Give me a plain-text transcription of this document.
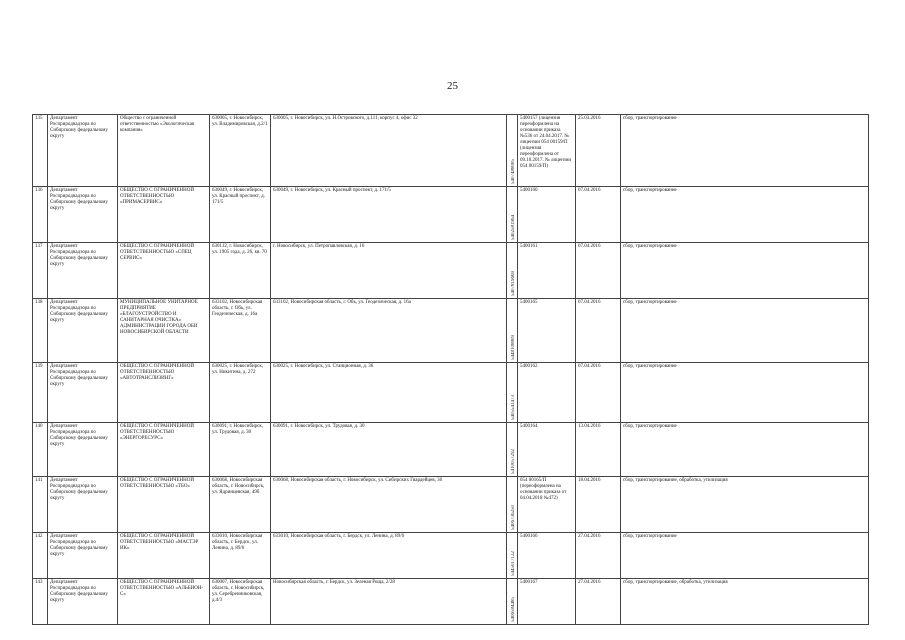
25
135	Департамент Росприроднадзора по Сибирскому федеральному округу	Общество с ограниченной ответственностью «Экологическая компания»	630005, г. Новосибирск, ул. Владимировская, д.2/1	630005, г. Новосибирск, ул. Н.Островского, д.111, корпус 4, офис 32	5407488085	5400157 (лицензия переоформлена на основании приказа №536 от 24.04.2017. № лицензии 054 00159/П (лицензия переоформлена от 09.10.2017. № лицензии 054 00159/П)	25.03.2016	сбор, транспортирование
136	Департамент Росприроднадзора по Сибирскому федеральному округу	ОБЩЕСТВО С ОГРАНИЧЕННОЙ ОТВЕТСТВЕННОСТЬЮ «ПРИМАСЕРВИС»	630049, г. Новосибирск, ул. Красный проспект, д. 171/5	630049, г. Новосибирск, ул. Красный проспект, д. 171/5	5402581964	5400160	07.04.2016	сбор, транспортирование
137	Департамент Росприроднадзора по Сибирскому федеральному округу	ОБЩЕСТВО С ОГРАНИЧЕННОЙ ОТВЕТСТВЕННОСТЬЮ «СПЕЦ СЕРВИС»	630112, г. Новосибирск, ул. 1905 года, д. 26, кв. 70	г. Новосибирск, ул. Петропавловская, д. 16	5407819669	5400161	07.04.2016	сбор, транспортирование
138	Департамент Росприроднадзора по Сибирскому федеральному округу	МУНИЦИПАЛЬНОЕ УНИТАРНОЕ ПРЕДПРИЯТИЕ «БЛАГОУСТРОЙСТВО И САНИТАРНАЯ ОЧИСТКА» АДМИНИСТРАЦИИ ГОРОДА ОБИ НОВОСИБИРСКОЙ ОБЛАСТИ	633102, Новосибирская область, г. Обь, ул. Геодезическая, д. 16а	633102, Новосибирская область, г. Обь, ул. Геодезическая, д. 16а	5448108809	5400165	07.04.2016	сбор, транспортирование
139	Департамент Росприроднадзора по Сибирскому федеральному округу	ОБЩЕСТВО С ОГРАНИЧЕННОЙ ОТВЕТСТВЕННОСТЬЮ «АВТОТРАНСЛИЗИНГ»	630025, г. Новосибирск, ул. Никитина, д. 272	630025, г. Новосибирск, ул. Станционная, д. 36	5405541473	5400162	07.04.2016	сбор, транспортирование
140	Департамент Росприроднадзора по Сибирскому федеральному округу	ОБЩЕСТВО С ОГРАНИЧЕННОЙ ОТВЕТСТВЕННОСТЬЮ «ЭНЕРГОРЕСУРС»	630091, г. Новосибирск, ул. Трудовая, д. 30	630091, г. Новосибирск, ул. Трудовая, д. 30	5410057292	5400164	13.04.2016	сбор, транспортирование
141	Департамент Росприроднадзора по Сибирскому федеральному округу	ОБЩЕСТВО С ОГРАНИЧЕННОЙ ОТВЕТСТВЕННОСТЬЮ «ТБО»	630068, Новосибирская область, г. Новосибирск, ул. Ядринцевская, 49б	630068, Новосибирская область, г. Новосибирск, ул. Сибирских Гвардейцев, 36	5406736250	054 00165/П (переоформлена на основании приказа от 04.04.2018 №472)	18.04.2016	сбор, транспортирование, обработка, утилизация
142	Департамент Росприроднадзора по Сибирскому федеральному округу	ОБЩЕСТВО С ОГРАНИЧЕННОЙ ОТВЕТСТВЕННОСТЬЮ «МАСТЭР ИК»	633010, Новосибирская область, г. Бердск, ул. Ленина, д. 89/6	633010, Новосибирская область, г. Бердск, ул. Ленина, д. 89/6	5445017122	5400166	27.04.2016	сбор, транспортирование
143	Департамент Росприроднадзора по Сибирскому федеральному округу	ОБЩЕСТВО С ОГРАНИЧЕННОЙ ОТВЕТСТВЕННОСТЬЮ «АЛЬБИОН-С»	630007, Новосибирская область, г. Новосибирск, ул. Серебренниковская, д.4/3	Новосибирская область, г. Бердск, ул. Зеленая Роща, 2/28	5406584485	5400167	27.04.2016	сбор, транспортирование, обработка, утилизация
